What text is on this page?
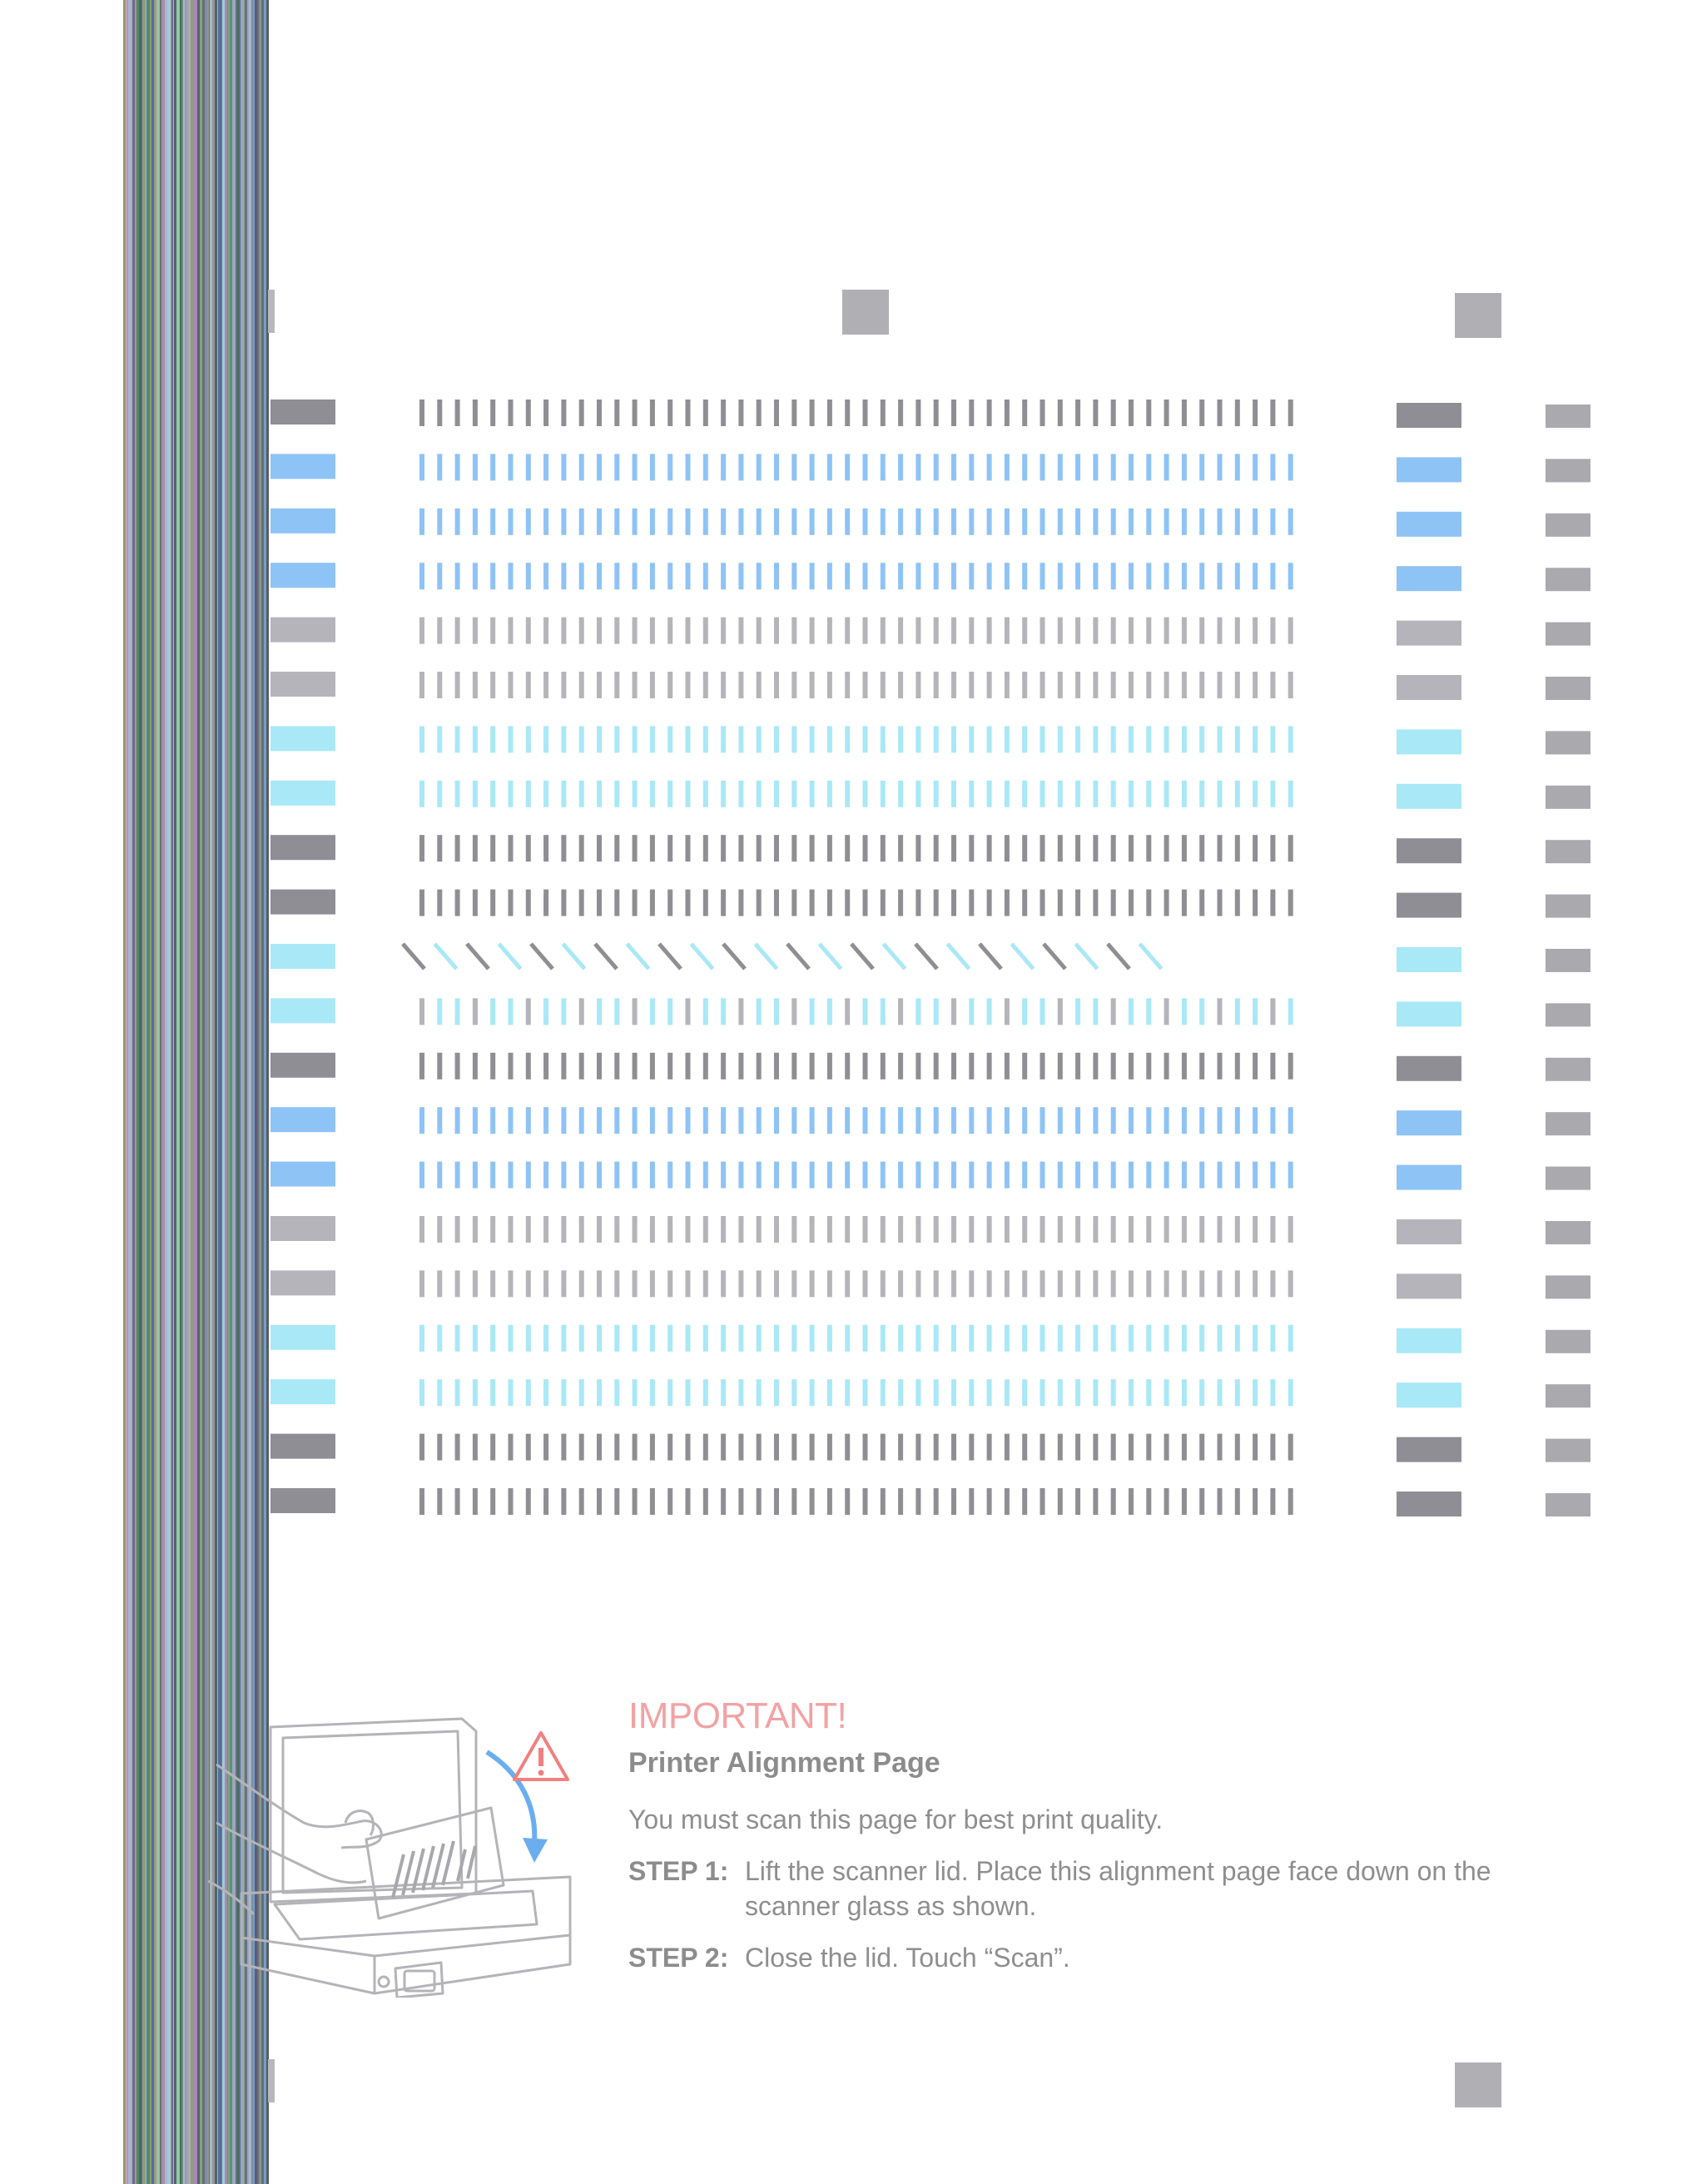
IMPORTANT!
Printer Alignment Page
You must scan this page for best print quality.
STEP 1: Lift the scanner lid. Place this alignment page face down on the scanner glass as shown.
STEP 2: Close the lid. Touch “Scan”.
